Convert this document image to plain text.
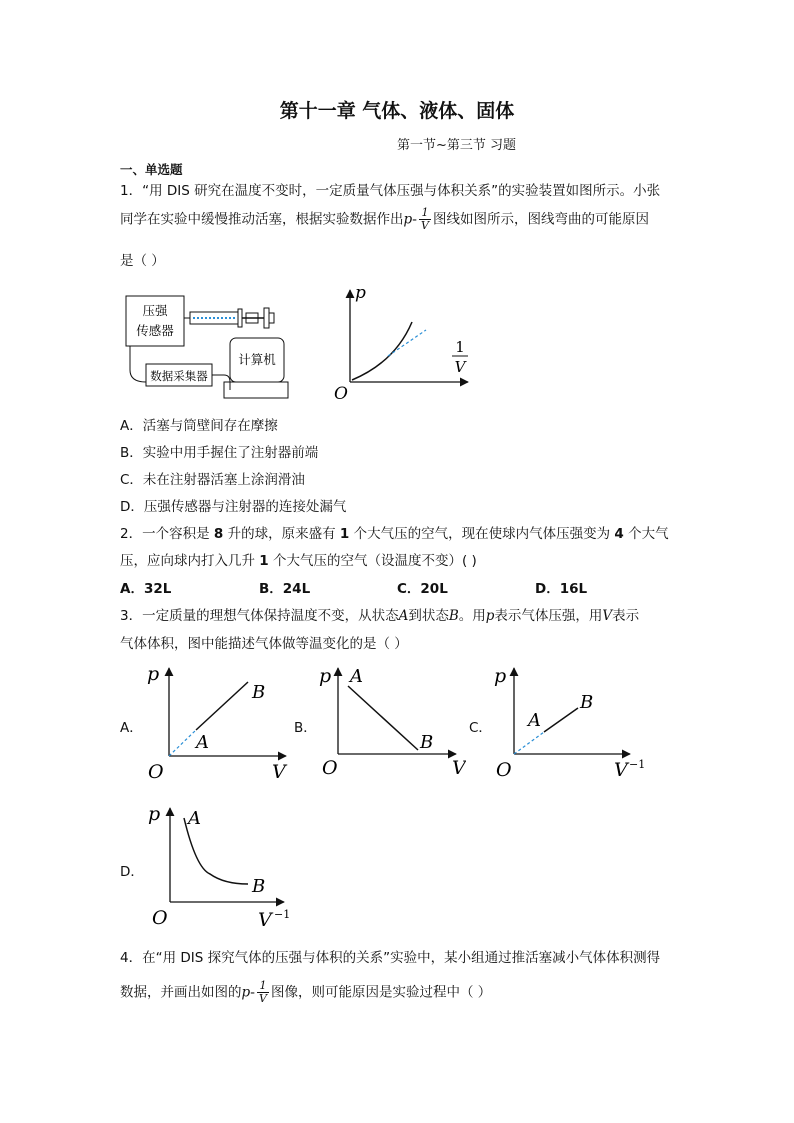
第十一章 气体、液体、固体
第一节~第三节 习题
一、单选题
1．“用 DIS 研究在温度不变时，一定质量气体压强与体积关系”的实验装置如图所示。小张
同学在实验中缓慢推动活塞，根据实验数据作出$p- \frac{1}{V}$ 图线如图所示，图线弯曲的可能原因
是（ ）
压强
传感器
数据采集器
计算机
p
1
V
O
A．活塞与筒壁间存在摩擦
B．实验中用手握住了注射器前端
C．未在注射器活塞上涂润滑油
D．压强传感器与注射器的连接处漏气
2．一个容积是 8 升的球，原来盛有 1 个大气压的空气，现在使球内气体压强变为 4 个大气
压，应向球内打入几升 1 个大气压的空气（设温度不变）( )
A．32L	B．24L	C．20L	D．16L
3．一定质量的理想气体保持温度不变，从状态A到状态B。用p表示气体压强，用V表示
气体体积，图中能描述气体做等温变化的是（ ）
A．	B．	C．
D．
p
O	V
A
B
p
O	V
A
B
p
O	V −1
A
B
p
O	V −1
A
B
4．在“用 DIS 探究气体的压强与体积的关系”实验中，某小组通过推活塞减小气体体积测得
数据，并画出如图的$p- \frac{1}{V}$ 图像，则可能原因是实验过程中（ ）
